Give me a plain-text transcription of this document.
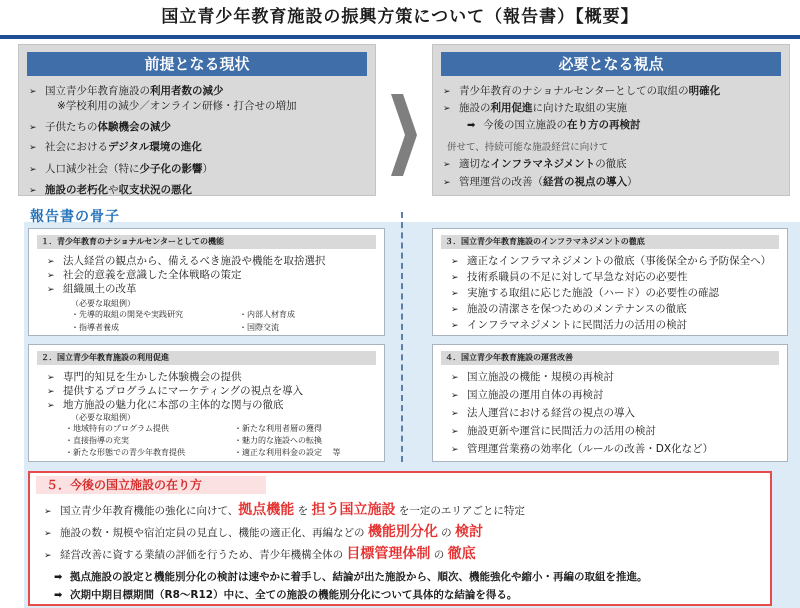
国立青少年教育施設の振興方策について（報告書）【概要】
前提となる現状
➢ 国立青少年教育施設の利用者数の減少
※学校利用の減少／オンライン研修・打合せの増加
➢ 子供たちの体験機会の減少
➢ 社会におけるデジタル環境の進化
➢ 人口減少社会（特に少子化の影響）
➢ 施設の老朽化や収支状況の悪化
必要となる視点
➢ 青少年教育のナショナルセンターとしての取組の明確化
➢ 施設の利用促進に向けた取組の実施
➡ 今後の国立施設の在り方の再検討
併せて、持続可能な施設経営に向けて
➢ 適切なインフラマネジメントの徹底
➢ 管理運営の改善（経営の視点の導入）
報告書の骨子
１．青少年教育のナショナルセンターとしての機能
➢ 法人経営の観点から、備えるべき施設や機能を取捨選択
➢ 社会的意義を意識した全体戦略の策定
➢ 組織風土の改革
（必要な取組例）
・先導的取組の開発や実践研究	・内部人材育成
・指導者養成	・国際交流
２．国立青少年教育施設の利用促進
➢ 専門的知見を生かした体験機会の提供
➢ 提供するプログラムにマーケティングの視点を導入
➢ 地方施設の魅力化に本部の主体的な関与の徹底
（必要な取組例）
・地域特有のプログラム提供	・新たな利用者層の獲得
・直接指導の充実	・魅力的な施設への転換
・新たな形態での青少年教育提供	・適正な利用料金の設定　 等
３．国立青少年教育施設のインフラマネジメントの徹底
➢ 適正なインフラマネジメントの徹底（事後保全から予防保全へ）
➢ 技術系職員の不足に対して早急な対応の必要性
➢ 実施する取組に応じた施設（ハード）の必要性の確認
➢ 施設の清潔さを保つためのメンテナンスの徹底
➢ インフラマネジメントに民間活力の活用の検討
４．国立青少年教育施設の運営改善
➢ 国立施設の機能・規模の再検討
➢ 国立施設の運用自体の再検討
➢ 法人運営における経営の視点の導入
➢ 施設更新や運営に民間活力の活用の検討
➢ 管理運営業務の効率化（ルールの改善・DX化など）
５．今後の国立施設の在り方
➢ 国立青少年教育機能の強化に向けて、拠点機能 を 担う国立施設 を一定のエリアごとに特定
➢ 施設の数・規模や宿泊定員の見直し、機能の適正化、再編などの 機能別分化 の 検討
➢ 経営改善に資する業績の評価を行うため、青少年機構全体の 目標管理体制 の 徹底
➡ 拠点施設の設定と機能別分化の検討は速やかに着手し、結論が出た施設から、順次、機能強化や縮小・再編の取組を推進。
➡ 次期中期目標期間（R8～R12）中に、全ての施設の機能別分化について具体的な結論を得る。
